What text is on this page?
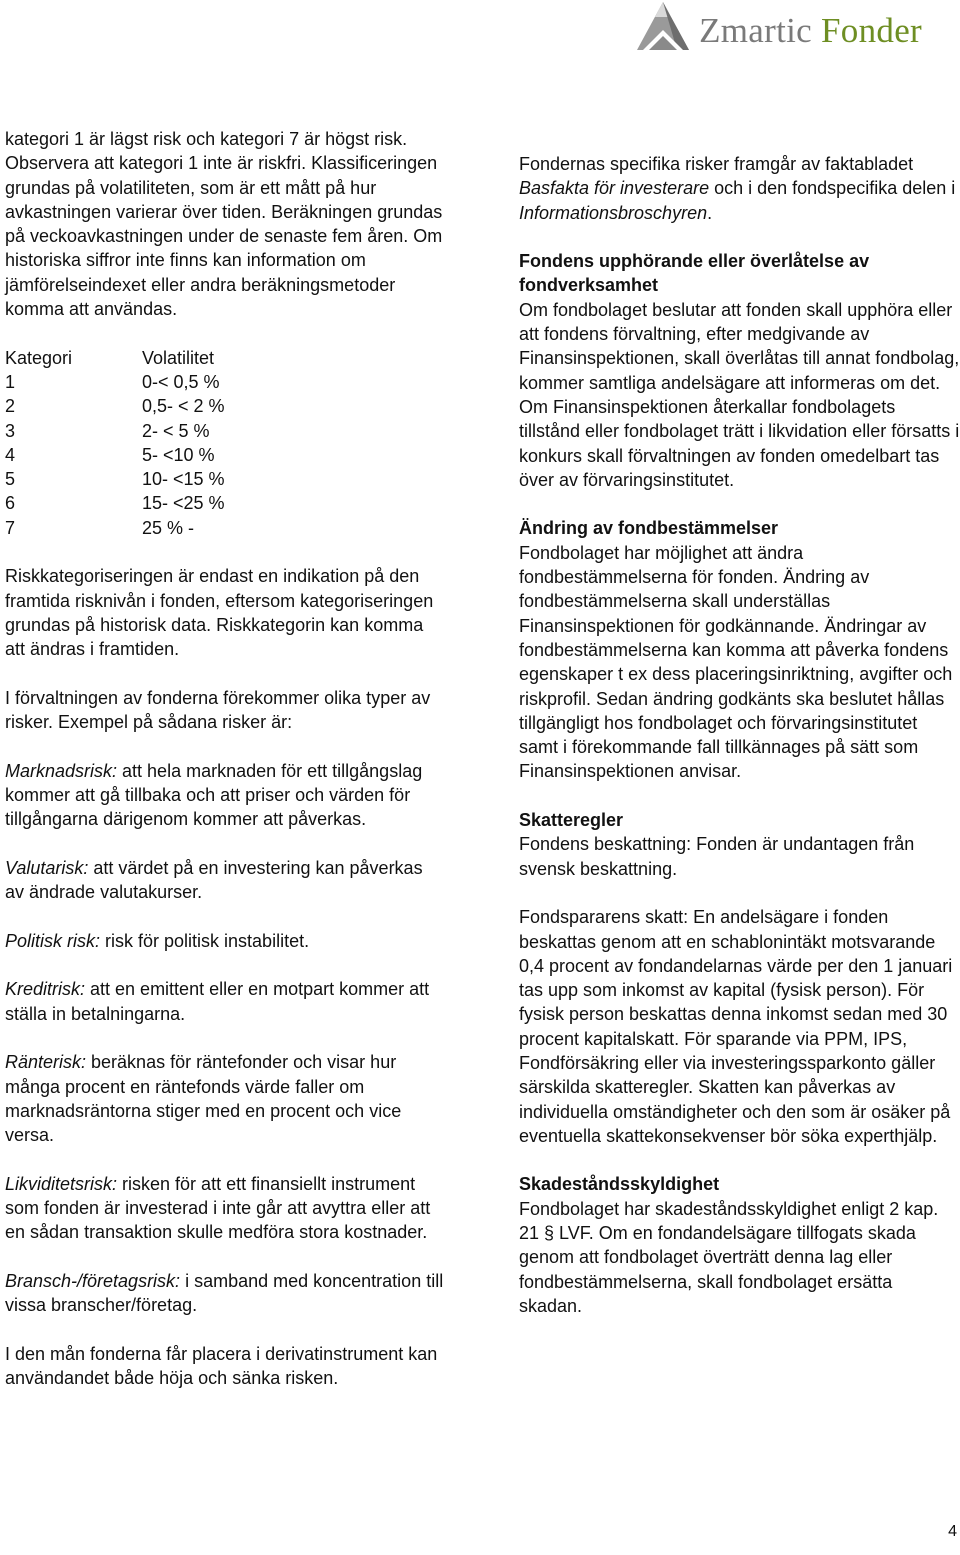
Zmartic Fonder

kategori 1 är lägst risk och kategori 7 är högst risk. Observera att kategori 1 inte är riskfri. Klassificeringen grundas på volatiliteten, som är ett mått på hur avkastningen varierar över tiden. Beräkningen grundas på veckoavkastningen under de senaste fem åren. Om historiska siffror inte finns kan information om jämförelseindexet eller andra beräkningsmetoder komma att användas.

Kategori	Volatilitet
1	0-< 0,5 %
2	0,5- < 2 %
3	2- < 5 %
4	5- <10 %
5	10- <15 %
6	15- <25 %
7	25 % -

Riskkategoriseringen är endast en indikation på den framtida risknivån i fonden, eftersom kategoriseringen grundas på historisk data. Riskkategorin kan komma att ändras i framtiden.

I förvaltningen av fonderna förekommer olika typer av risker. Exempel på sådana risker är:

Marknadsrisk: att hela marknaden för ett tillgångslag kommer att gå tillbaka och att priser och värden för tillgångarna därigenom kommer att påverkas.

Valutarisk: att värdet på en investering kan påverkas av ändrade valutakurser.

Politisk risk: risk för politisk instabilitet.

Kreditrisk: att en emittent eller en motpart kommer att ställa in betalningarna.

Ränterisk: beräknas för räntefonder och visar hur många procent en räntefonds värde faller om marknadsräntorna stiger med en procent och vice versa.

Likviditetsrisk: risken för att ett finansiellt instrument som fonden är investerad i inte går att avyttra eller att en sådan transaktion skulle medföra stora kostnader.

Bransch-/företagsrisk: i samband med koncentration till vissa branscher/företag.

I den mån fonderna får placera i derivatinstrument kan användandet både höja och sänka risken.

Fondernas specifika risker framgår av faktabladet Basfakta för investerare och i den fondspecifika delen i Informationsbroschyren.

Fondens upphörande eller överlåtelse av fondverksamhet
Om fondbolaget beslutar att fonden skall upphöra eller att fondens förvaltning, efter medgivande av Finansinspektionen, skall överlåtas till annat fondbolag, kommer samtliga andelsägare att informeras om det. Om Finansinspektionen återkallar fondbolagets tillstånd eller fondbolaget trätt i likvidation eller försatts i konkurs skall förvaltningen av fonden omedelbart tas över av förvaringsinstitutet.

Ändring av fondbestämmelser
Fondbolaget har möjlighet att ändra fondbestämmelserna för fonden. Ändring av fondbestämmelserna skall underställas Finansinspektionen för godkännande. Ändringar av fondbestämmelserna kan komma att påverka fondens egenskaper t ex dess placeringsinriktning, avgifter och riskprofil. Sedan ändring godkänts ska beslutet hållas tillgängligt hos fondbolaget och förvaringsinstitutet samt i förekommande fall tillkännages på sätt som Finansinspektionen anvisar.

Skatteregler
Fondens beskattning: Fonden är undantagen från svensk beskattning.

Fondspararens skatt: En andelsägare i fonden beskattas genom att en schablonintäkt motsvarande 0,4 procent av fondandelarnas värde per den 1 januari tas upp som inkomst av kapital (fysisk person). För fysisk person beskattas denna inkomst sedan med 30 procent kapitalskatt. För sparande via PPM, IPS, Fondförsäkring eller via investeringssparkonto gäller särskilda skatteregler. Skatten kan påverkas av individuella omständigheter och den som är osäker på eventuella skattekonsekvenser bör söka experthjälp.

Skadeståndsskyldighet
Fondbolaget har skadeståndsskyldighet enligt 2 kap. 21 § LVF. Om en fondandelsägare tillfogats skada genom att fondbolaget överträtt denna lag eller fondbestämmelserna, skall fondbolaget ersätta skadan.

4
